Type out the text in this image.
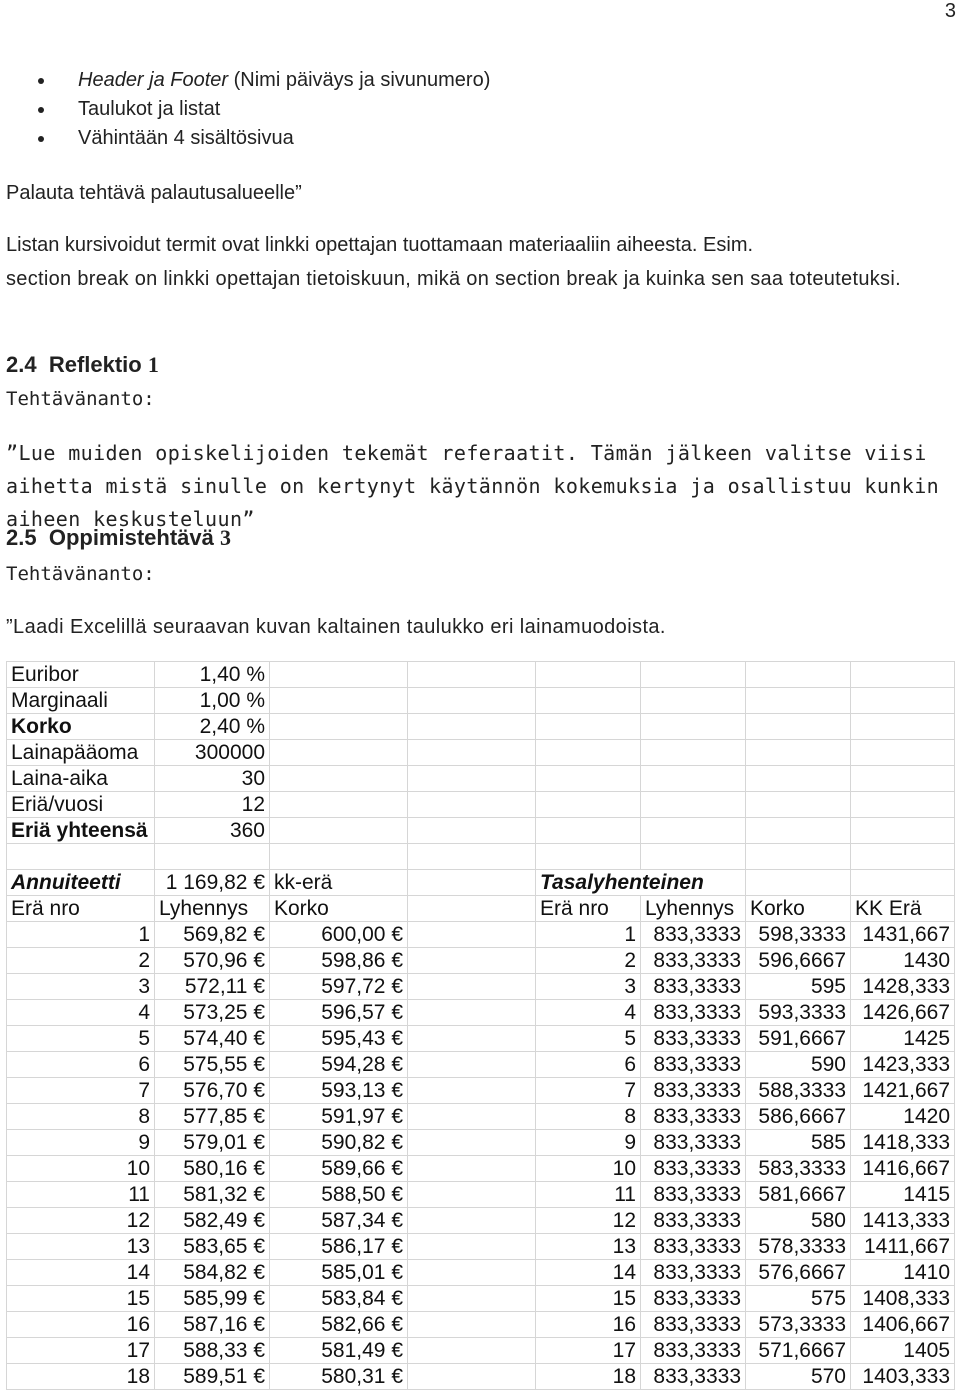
3
Header ja Footer (Nimi päiväys ja sivunumero)
Taulukot ja listat
Vähintään 4 sisältösivua
Palauta tehtävä palautusalueelle”
Listan kursivoidut termit ovat linkki opettajan tuottamaan materiaaliin aiheesta. Esim.
section break on linkki opettajan tietoiskuun, mikä on section break ja kuinka sen saa toteutetuksi.
2.4 Reflektio 1
Tehtävänanto:
”Lue muiden opiskelijoiden tekemät referaatit. Tämän jälkeen valitse viisi aihetta mistä sinulle on kertynyt käytännön kokemuksia ja osallistuu kunkin aiheen keskusteluun”
2.5 Oppimistehtävä 3
Tehtävänanto:
”Laadi Excelillä seuraavan kuvan kaltainen taulukko eri lainamuodoista.
Euribor	1,40 %						
Marginaali	1,00 %						
Korko	2,40 %						
Lainapääoma	300000						
Laina-aika	30						
Eriä/vuosi	12						
Eriä yhteensä	360						

Annuiteetti	1 169,82 €	kk-erä		Tasalyhenteinen			
Erä nro	Lyhennys	Korko		Erä nro	Lyhennys	Korko	KK Erä
1	569,82 €	600,00 €		1	833,3333	598,3333	1431,667
2	570,96 €	598,86 €		2	833,3333	596,6667	1430
3	572,11 €	597,72 €		3	833,3333	595	1428,333
4	573,25 €	596,57 €		4	833,3333	593,3333	1426,667
5	574,40 €	595,43 €		5	833,3333	591,6667	1425
6	575,55 €	594,28 €		6	833,3333	590	1423,333
7	576,70 €	593,13 €		7	833,3333	588,3333	1421,667
8	577,85 €	591,97 €		8	833,3333	586,6667	1420
9	579,01 €	590,82 €		9	833,3333	585	1418,333
10	580,16 €	589,66 €		10	833,3333	583,3333	1416,667
11	581,32 €	588,50 €		11	833,3333	581,6667	1415
12	582,49 €	587,34 €		12	833,3333	580	1413,333
13	583,65 €	586,17 €		13	833,3333	578,3333	1411,667
14	584,82 €	585,01 €		14	833,3333	576,6667	1410
15	585,99 €	583,84 €		15	833,3333	575	1408,333
16	587,16 €	582,66 €		16	833,3333	573,3333	1406,667
17	588,33 €	581,49 €		17	833,3333	571,6667	1405
18	589,51 €	580,31 €		18	833,3333	570	1403,333
